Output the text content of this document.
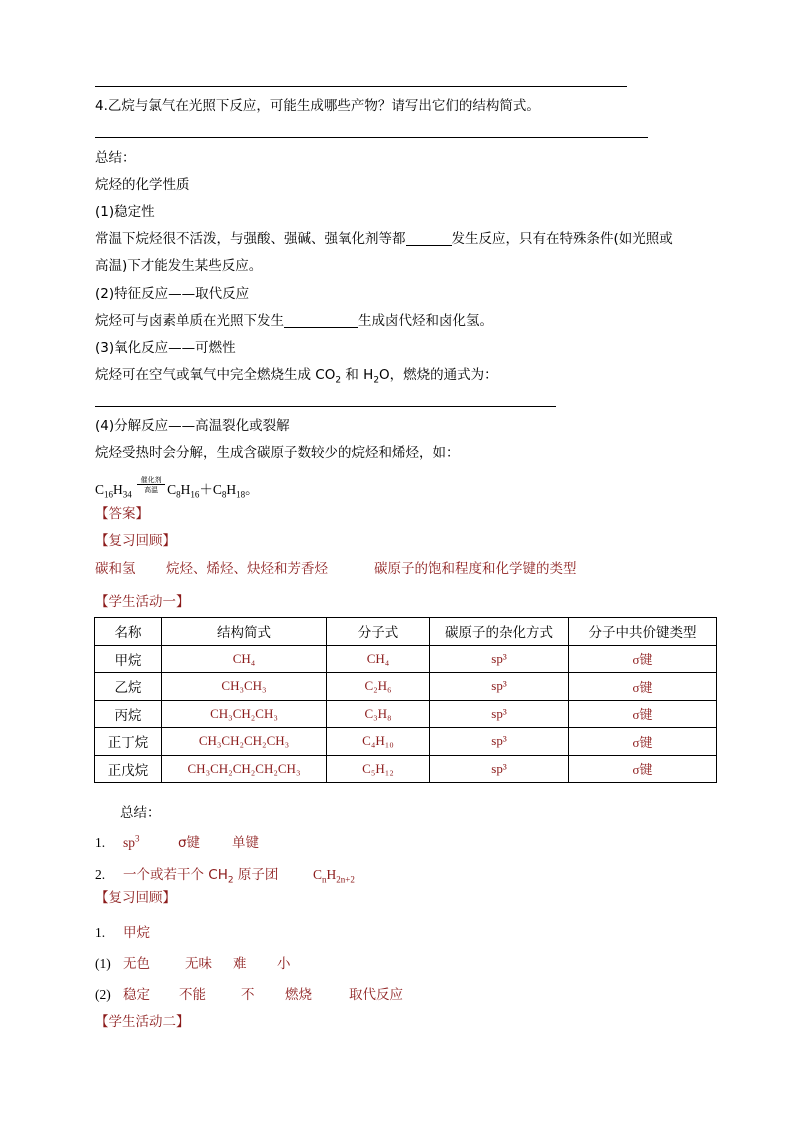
4.乙烷与氯气在光照下反应，可能生成哪些产物？请写出它们的结构简式。
总结：
烷烃的化学性质
(1)稳定性
常温下烷烃很不活泼，与强酸、强碱、强氧化剂等都	发生反应，只有在特殊条件(如光照或
高温)下才能发生某些反应。
(2)特征反应——取代反应
烷烃可与卤素单质在光照下发生	生成卤代烃和卤化氢。
(3)氧化反应——可燃性
烷烃可在空气或氧气中完全燃烧生成 $CO_2$ 和 $H_2O$，燃烧的通式为：
(4)分解反应——高温裂化或裂解
烷烃受热时会分解，生成含碳原子数较少的烷烃和烯烃，如：
$C_{16}H_{34}$
催化剂
高温 $C_8H_{16}+C_8H_{18}$。
【答案】
【复习回顾】
碳和氢 烷烃、烯烃、炔烃和芳香烃	碳原子的饱和程度和化学键的类型
【学生活动一】
名称	结构简式	分子式	碳原子的杂化方式	分子中共价键类型
甲烷	CH₄	CH₄	sp³	σ键
乙烷	CH₃CH₃	C₂H₆	sp³	σ键
丙烷	CH₃CH₂CH₃	C₃H₈	sp³	σ键
正丁烷	CH₃CH₂CH₂CH₃	C₄H₁₀	sp³	σ键
正戊烷	CH₃CH₂CH₂CH₂CH₃	C₅H₁₂	sp³	σ键
总结：
1. $sp^3$	σ键 单键
2. 一个或若干个 $CH_2$ 原子团	$C_nH_{2n+2}$
【复习回顾】
1. 甲烷
(1) 无色	无味 难 小
(2) 稳定 不能	不 燃烧	取代反应
【学生活动二】
